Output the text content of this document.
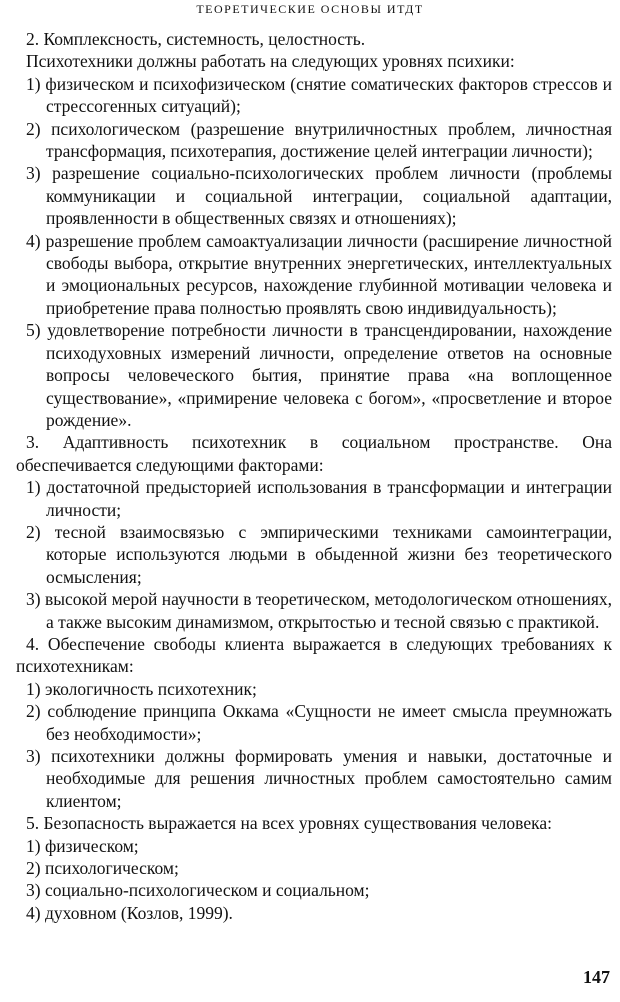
ТЕОРЕТИЧЕСКИЕ ОСНОВЫ ИТДТ

2. Комплексность, системность, целостность.

Психотехники должны работать на следующих уровнях психики:

1) физическом и психофизическом (снятие соматических факторов стрессов и стрессогенных ситуаций);

2) психологическом (разрешение внутриличностных проблем, личностная трансформация, психотерапия, достижение целей интеграции личности);

3) разрешение социально-психологических проблем личности (проблемы коммуникации и социальной интеграции, социальной адаптации, проявленности в общественных связях и отношениях);

4) разрешение проблем самоактуализации личности (расширение личностной свободы выбора, открытие внутренних энергетических, интеллектуальных и эмоциональных ресурсов, нахождение глубинной мотивации человека и приобретение права полностью проявлять свою индивидуальность);

5) удовлетворение потребности личности в трансцендировании, нахождение психодуховных измерений личности, определение ответов на основные вопросы человеческого бытия, принятие права «на воплощенное существование», «примирение человека с богом», «просветление и второе рождение».

3. Адаптивность психотехник в социальном пространстве. Она обеспечивается следующими факторами:

1) достаточной предысторией использования в трансформации и интеграции личности;

2) тесной взаимосвязью с эмпирическими техниками самоинтеграции, которые используются людьми в обыденной жизни без теоретического осмысления;

3) высокой мерой научности в теоретическом, методологическом отношениях, а также высоким динамизмом, открытостью и тесной связью с практикой.

4. Обеспечение свободы клиента выражается в следующих требованиях к психотехникам:

1) экологичность психотехник;

2) соблюдение принципа Оккама «Сущности не имеет смысла преумножать без необходимости»;

3) психотехники должны формировать умения и навыки, достаточные и необходимые для решения личностных проблем самостоятельно самим клиентом;

5. Безопасность выражается на всех уровнях существования человека:

1) физическом;

2) психологическом;

3) социально-психологическом и социальном;

4) духовном (Козлов, 1999).

147
